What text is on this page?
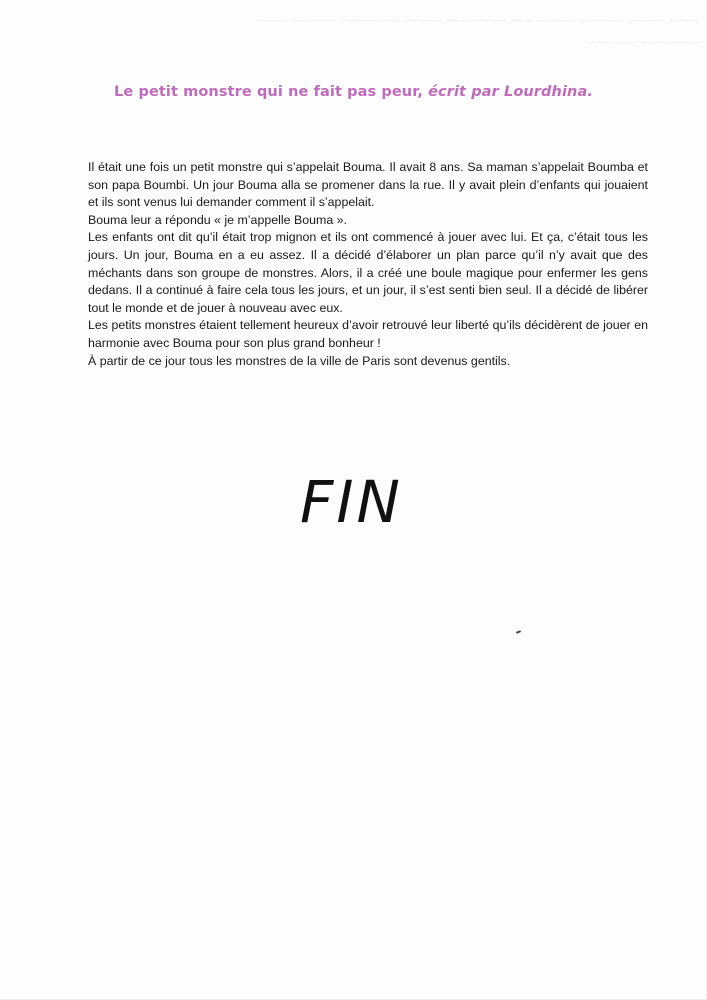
~~~~ ~~~~~ ~~~~~~ ~~~~~ ~~~ ~~~~~~~~ ~~~~~ ~~~~~~~~ ~~~~~~ ~~~~
~~~~~~~~ ~~~ ~~~
Le petit monstre qui ne fait pas peur, écrit par Lourdhina.

Il était une fois un petit monstre qui s’appelait Bouma. Il avait 8 ans. Sa maman s’appelait Boumba et son papa Boumbi. Un jour Bouma alla se promener dans la rue. Il y avait plein d’enfants qui jouaient et ils sont venus lui demander comment il s’appelait.

Bouma leur a répondu « je m’appelle Bouma ».

Les enfants ont dit qu’il était trop mignon et ils ont commencé à jouer avec lui. Et ça, c’était tous les jours. Un jour, Bouma en a eu assez. Il a décidé d’élaborer un plan parce qu’il n’y avait que des méchants dans son groupe de monstres. Alors, il a créé une boule magique pour enfermer les gens dedans. Il a continué à faire cela tous les jours, et un jour, il s’est senti bien seul. Il a décidé de libérer tout le monde et de jouer à nouveau avec eux.

Les petits monstres étaient tellement heureux d’avoir retrouvé leur liberté qu’ils décidèrent de jouer en harmonie avec Bouma pour son plus grand bonheur !

À partir de ce jour tous les monstres de la ville de Paris sont devenus gentils.

FIN
